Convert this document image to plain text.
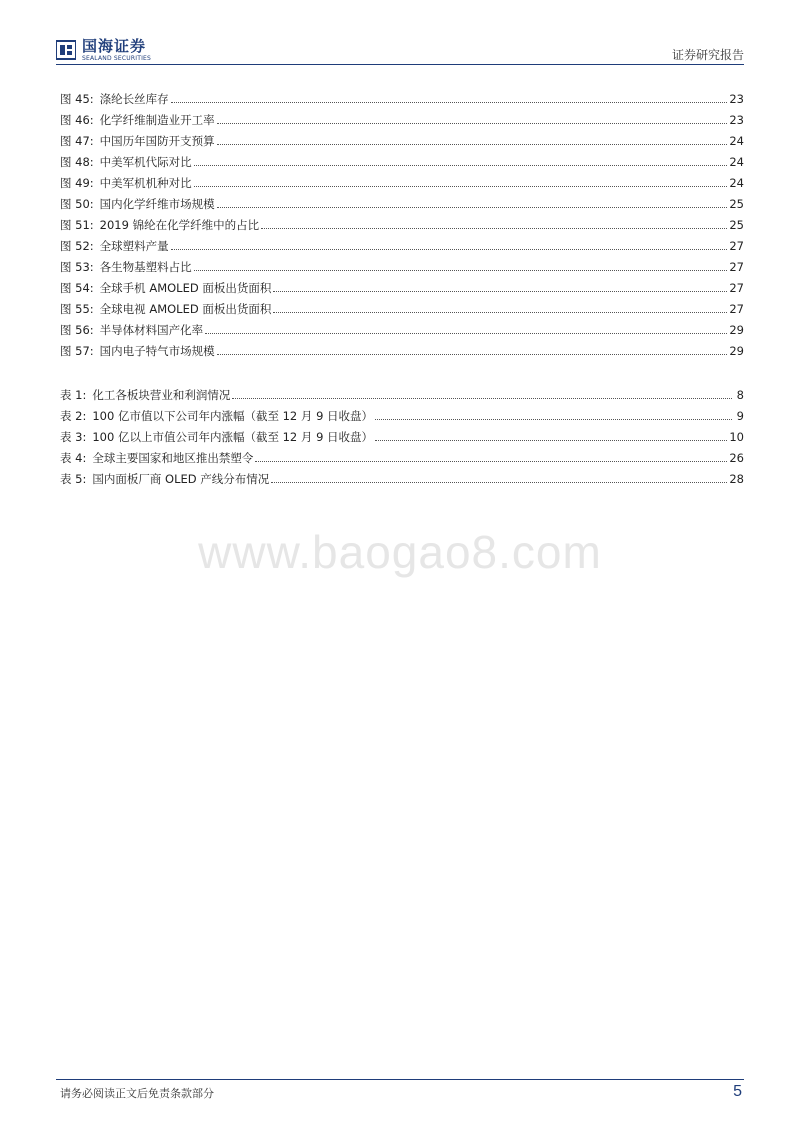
国海证券
SEALAND SECURITIES	证券研究报告
www.baogao8.com
图 45: 涤纶长丝库存	23
图 46: 化学纤维制造业开工率	23
图 47: 中国历年国防开支预算	24
图 48: 中美军机代际对比	24
图 49: 中美军机机种对比	24
图 50: 国内化学纤维市场规模	25
图 51: 2019 锦纶在化学纤维中的占比	25
图 52: 全球塑料产量	27
图 53: 各生物基塑料占比	27
图 54: 全球手机 AMOLED 面板出货面积	27
图 55: 全球电视 AMOLED 面板出货面积	27
图 56: 半导体材料国产化率	29
图 57: 国内电子特气市场规模	29
表 1: 化工各板块营业和利润情况	8
表 2: 100 亿市值以下公司年内涨幅（截至 12 月 9 日收盘）	9
表 3: 100 亿以上市值公司年内涨幅（截至 12 月 9 日收盘）	10
表 4: 全球主要国家和地区推出禁塑令	26
表 5: 国内面板厂商 OLED 产线分布情况	28
请务必阅读正文后免责条款部分	5
